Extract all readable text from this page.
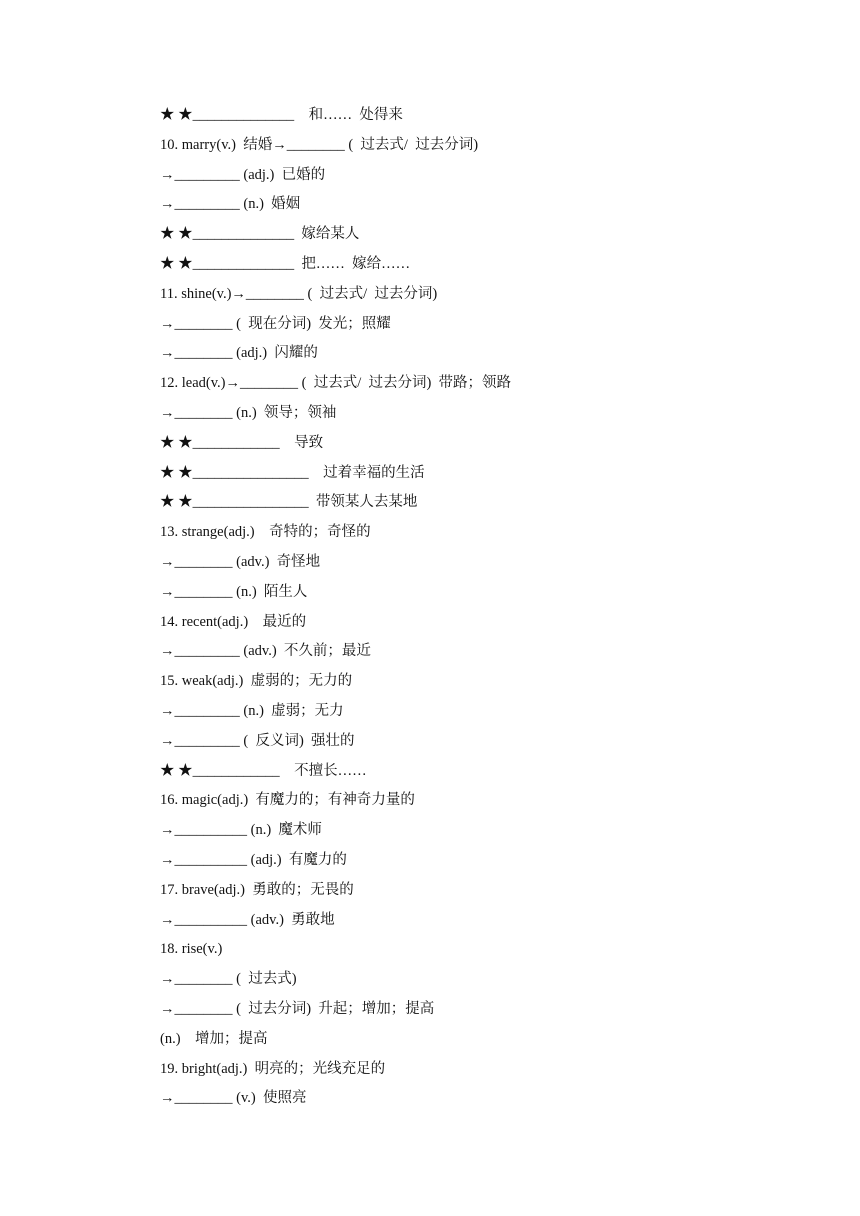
★ ★______________    和……  处得来
10. marry(v.)  结婚→________ (  过去式/  过去分词)
→_________ (adj.)  已婚的
→_________ (n.)  婚姻
★ ★______________  嫁给某人
★ ★______________  把……  嫁给……
11. shine(v.)→________ (  过去式/  过去分词)
→________ (  现在分词)  发光；照耀
→________ (adj.)  闪耀的
12. lead(v.)→________ (  过去式/  过去分词)  带路；领路
→________ (n.)  领导；领袖
★ ★____________    导致
★ ★________________    过着幸福的生活
★ ★________________  带领某人去某地
13. strange(adj.)    奇特的；奇怪的
→________ (adv.)  奇怪地
→________ (n.)  陌生人
14. recent(adj.)    最近的
→_________ (adv.)  不久前；最近
15. weak(adj.)  虚弱的；无力的
→_________ (n.)  虚弱；无力
→_________ (  反义词)  强壮的
★ ★____________    不擅长……
16. magic(adj.)  有魔力的；有神奇力量的
→__________ (n.)  魔术师
→__________ (adj.)  有魔力的
17. brave(adj.)  勇敢的；无畏的
→__________ (adv.)  勇敢地
18. rise(v.)
→________ (  过去式)
→________ (  过去分词)  升起；增加；提高
(n.)    增加；提高
19. bright(adj.)  明亮的；光线充足的
→________ (v.)  使照亮
